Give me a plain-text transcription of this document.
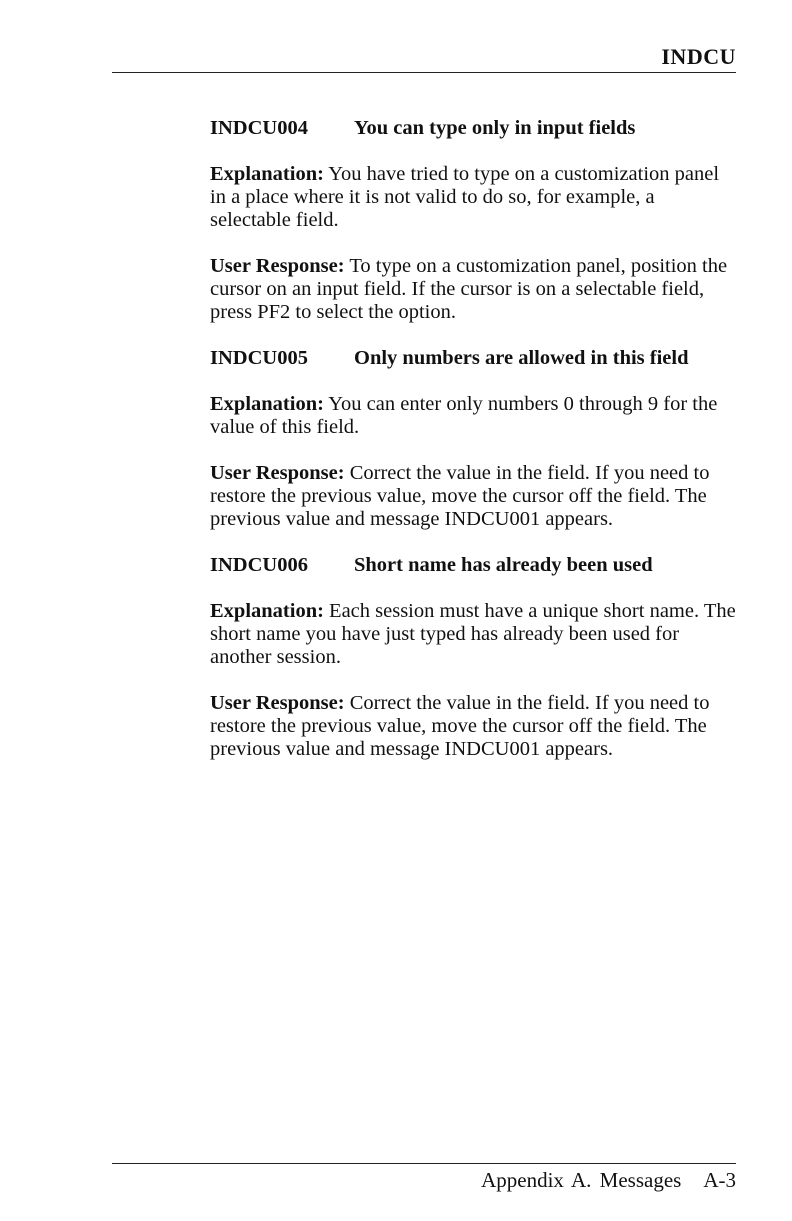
INDCU
INDCU004	You can type only in input fields

Explanation: You have tried to type on a customization panel in a place where it is not valid to do so, for example, a selectable field.

User Response: To type on a customization panel, position the cursor on an input field. If the cursor is on a selectable field, press PF2 to select the option.

INDCU005	Only numbers are allowed in this field

Explanation: You can enter only numbers 0 through 9 for the value of this field.

User Response: Correct the value in the field. If you need to restore the previous value, move the cursor off the field. The previous value and message INDCU001 appears.

INDCU006	Short name has already been used

Explanation: Each session must have a unique short name. The short name you have just typed has already been used for another session.

User Response: Correct the value in the field. If you need to restore the previous value, move the cursor off the field. The previous value and message INDCU001 appears.

Appendix A. Messages A-3
